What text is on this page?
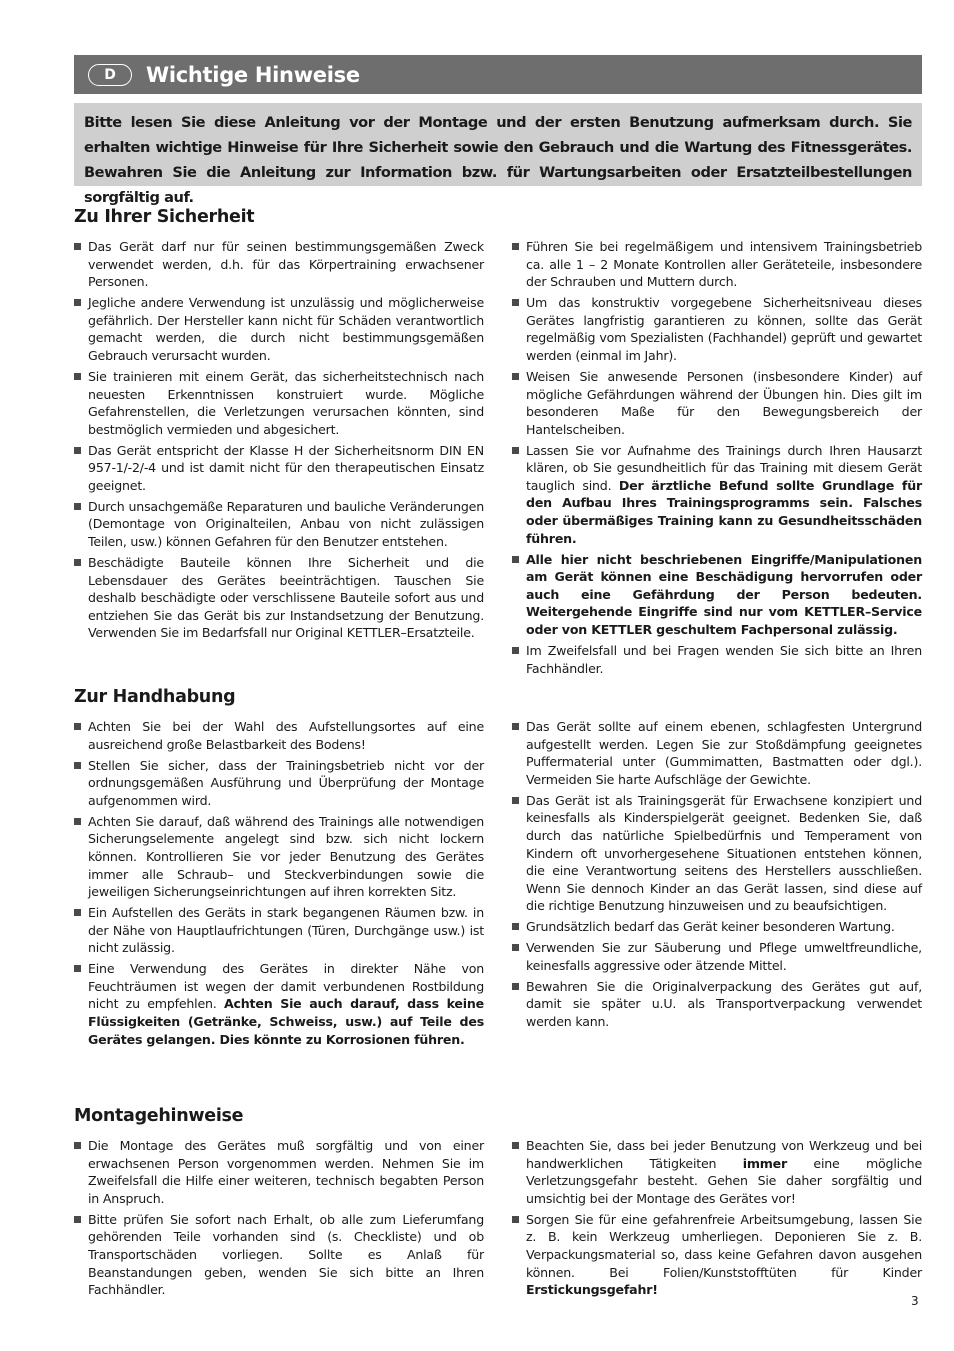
D	Wichtige Hinweise
Bitte lesen Sie diese Anleitung vor der Montage und der ersten Benutzung aufmerksam durch. Sie erhalten wichtige Hinweise für Ihre Sicherheit sowie den Gebrauch und die Wartung des Fitnessgerätes. Bewahren Sie die Anleitung zur Information bzw. für Wartungsarbeiten oder Ersatzteilbestellungen sorgfältig auf.
Zu Ihrer Sicherheit
Das Gerät darf nur für seinen bestimmungsgemäßen Zweck verwendet werden, d.h. für das Körpertraining erwachsener Personen.
Jegliche andere Verwendung ist unzulässig und möglicherweise gefährlich. Der Hersteller kann nicht für Schäden verantwortlich gemacht werden, die durch nicht bestimmungsgemäßen Gebrauch verursacht wurden.
Sie trainieren mit einem Gerät, das sicherheitstechnisch nach neuesten Erkenntnissen konstruiert wurde. Mögliche Gefahrenstellen, die Verletzungen verursachen könnten, sind bestmöglich vermieden und abgesichert.
Das Gerät entspricht der Klasse H der Sicherheitsnorm DIN EN 957-1/-2/-4 und ist damit nicht für den therapeutischen Einsatz geeignet.
Durch unsachgemäße Reparaturen und bauliche Veränderungen (Demontage von Originalteilen, Anbau von nicht zulässigen Teilen, usw.) können Gefahren für den Benutzer entstehen.
Beschädigte Bauteile können Ihre Sicherheit und die Lebensdauer des Gerätes beeinträchtigen. Tauschen Sie deshalb beschädigte oder verschlissene Bauteile sofort aus und entziehen Sie das Gerät bis zur Instandsetzung der Benutzung. Verwenden Sie im Bedarfsfall nur Original KETTLER–Ersatzteile.
Führen Sie bei regelmäßigem und intensivem Trainingsbetrieb ca. alle 1 – 2 Monate Kontrollen aller Geräteteile, insbesondere der Schrauben und Muttern durch.
Um das konstruktiv vorgegebene Sicherheitsniveau dieses Gerätes langfristig garantieren zu können, sollte das Gerät regelmäßig vom Spezialisten (Fachhandel) geprüft und gewartet werden (einmal im Jahr).
Weisen Sie anwesende Personen (insbesondere Kinder) auf mögliche Gefährdungen während der Übungen hin. Dies gilt im besonderen Maße für den Bewegungsbereich der Hantelscheiben.
Lassen Sie vor Aufnahme des Trainings durch Ihren Hausarzt klären, ob Sie gesundheitlich für das Training mit diesem Gerät tauglich sind. Der ärztliche Befund sollte Grundlage für den Aufbau Ihres Trainingsprogramms sein. Falsches oder übermäßiges Training kann zu Gesundheitsschäden führen.
Alle hier nicht beschriebenen Eingriffe/Manipulationen am Gerät können eine Beschädigung hervorrufen oder auch eine Gefährdung der Person bedeuten. Weitergehende Eingriffe sind nur vom KETTLER–Service oder von KETTLER geschultem Fachpersonal zulässig.
Im Zweifelsfall und bei Fragen wenden Sie sich bitte an Ihren Fachhändler.
Zur Handhabung
Achten Sie bei der Wahl des Aufstellungsortes auf eine ausreichend große Belastbarkeit des Bodens!
Stellen Sie sicher, dass der Trainingsbetrieb nicht vor der ordnungsgemäßen Ausführung und Überprüfung der Montage aufgenommen wird.
Achten Sie darauf, daß während des Trainings alle notwendigen Sicherungselemente angelegt sind bzw. sich nicht lockern können. Kontrollieren Sie vor jeder Benutzung des Gerätes immer alle Schraub– und Steckverbindungen sowie die jeweiligen Sicherungseinrichtungen auf ihren korrekten Sitz.
Ein Aufstellen des Geräts in stark begangenen Räumen bzw. in der Nähe von Hauptlaufrichtungen (Türen, Durchgänge usw.) ist nicht zulässig.
Eine Verwendung des Gerätes in direkter Nähe von Feuchträumen ist wegen der damit verbundenen Rostbildung nicht zu empfehlen. Achten Sie auch darauf, dass keine Flüssigkeiten (Getränke, Schweiss, usw.) auf Teile des Gerätes gelangen. Dies könnte zu Korrosionen führen.
Das Gerät sollte auf einem ebenen, schlagfesten Untergrund aufgestellt werden. Legen Sie zur Stoßdämpfung geeignetes Puffermaterial unter (Gummimatten, Bastmatten oder dgl.). Vermeiden Sie harte Aufschläge der Gewichte.
Das Gerät ist als Trainingsgerät für Erwachsene konzipiert und keinesfalls als Kinderspielgerät geeignet. Bedenken Sie, daß durch das natürliche Spielbedürfnis und Temperament von Kindern oft unvorhergesehene Situationen entstehen können, die eine Verantwortung seitens des Herstellers ausschließen. Wenn Sie dennoch Kinder an das Gerät lassen, sind diese auf die richtige Benutzung hinzuweisen und zu beaufsichtigen.
Grundsätzlich bedarf das Gerät keiner besonderen Wartung.
Verwenden Sie zur Säuberung und Pflege umweltfreundliche, keinesfalls aggressive oder ätzende Mittel.
Bewahren Sie die Originalverpackung des Gerätes gut auf, damit sie später u.U. als Transportverpackung verwendet werden kann.
Montagehinweise
Die Montage des Gerätes muß sorgfältig und von einer erwachsenen Person vorgenommen werden. Nehmen Sie im Zweifelsfall die Hilfe einer weiteren, technisch begabten Person in Anspruch.
Bitte prüfen Sie sofort nach Erhalt, ob alle zum Lieferumfang gehörenden Teile vorhanden sind (s. Checkliste) und ob Transportschäden vorliegen. Sollte es Anlaß für Beanstandungen geben, wenden Sie sich bitte an Ihren Fachhändler.
Beachten Sie, dass bei jeder Benutzung von Werkzeug und bei handwerklichen Tätigkeiten immer eine mögliche Verletzungsgefahr besteht. Gehen Sie daher sorgfältig und umsichtig bei der Montage des Gerätes vor!
Sorgen Sie für eine gefahrenfreie Arbeitsumgebung, lassen Sie z. B. kein Werkzeug umherliegen. Deponieren Sie z. B. Verpackungsmaterial so, dass keine Gefahren davon ausgehen können. Bei Folien/Kunststofftüten für Kinder Erstickungsgefahr!
3
